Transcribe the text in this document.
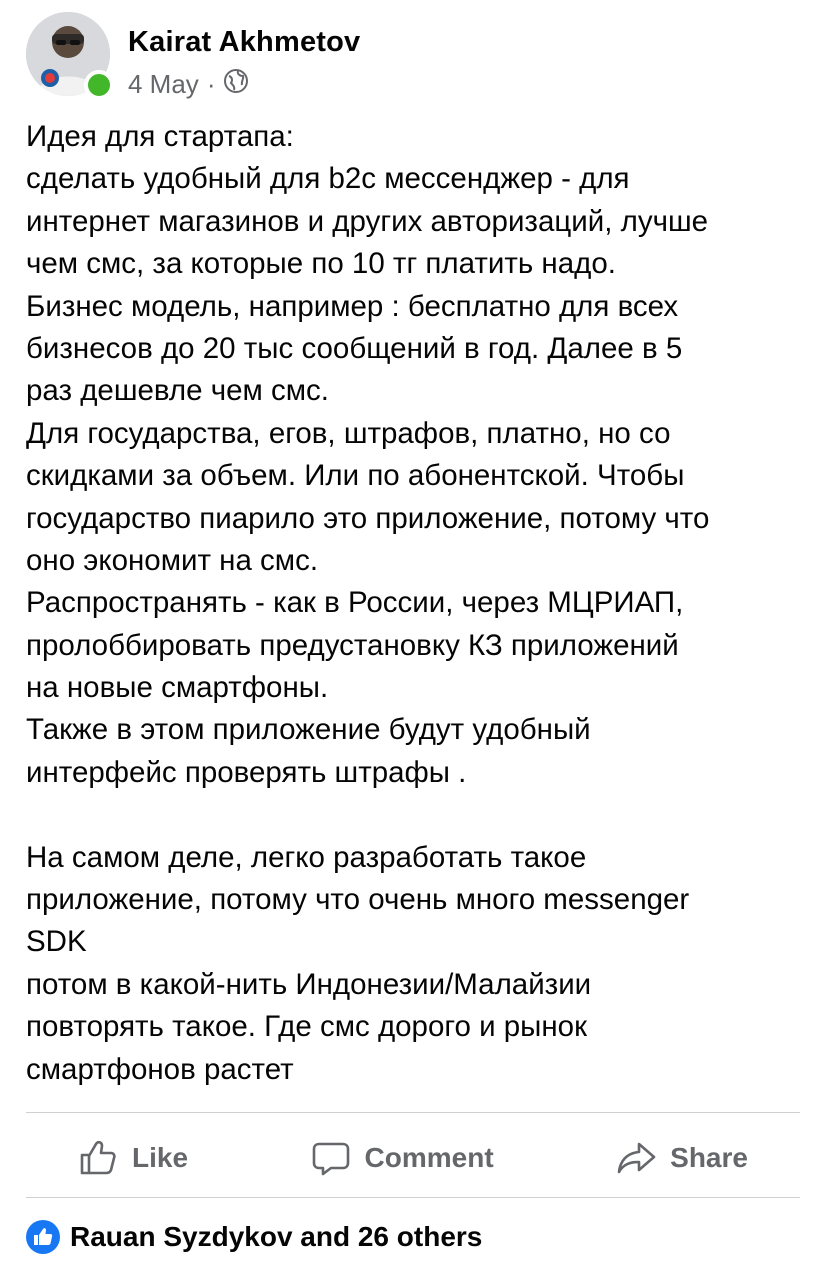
Kairat Akhmetov
4 May ·
Идея для стартапа:
сделать удобный для b2c мессенджер - для
интернет магазинов и других авторизаций, лучше
чем смс, за которые по 10 тг платить надо.
Бизнес модель, например : бесплатно для всех
бизнесов до 20 тыс сообщений в год. Далее в 5
раз дешевле чем смс.
Для государства, егов, штрафов, платно, но со
скидками за объем. Или по абонентской. Чтобы
государство пиарило это приложение, потому что
оно экономит на смс.
Распространять - как в России, через МЦРИАП,
пролоббировать предустановку КЗ приложений
на новые смартфоны.
Также в этом приложение будут удобный
интерфейс проверять штрафы .
На самом деле, легко разработать такое
приложение, потому что очень много messenger
SDK
потом в какой-нить Индонезии/Малайзии
повторять такое. Где смс дорого и рынок
смартфонов растет
Like	Comment	Share
Rauan Syzdykov and 26 others
